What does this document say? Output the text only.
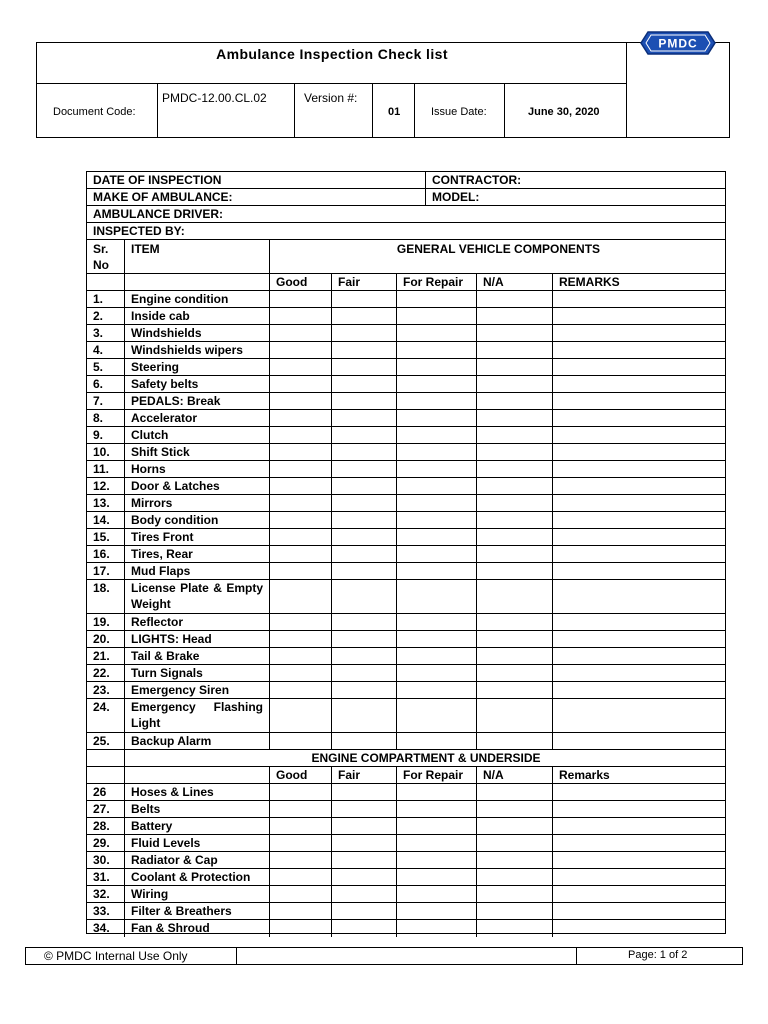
Ambulance Inspection Check list
Document Code:
PMDC-12.00.CL.02	Version #:
01	Issue Date:	June 30, 2020
PMDC
DATE OF INSPECTION	CONTRACTOR:
MAKE OF AMBULANCE:	MODEL:
AMBULANCE DRIVER:
INSPECTED BY:
Sr.
No
ITEM	GENERAL VEHICLE COMPONENTS
Good	Fair	For Repair	N/A	REMARKS
1.	Engine condition
2.	Inside cab
3.	Windshields
4.	Windshields wipers
5.	Steering
6.	Safety belts
7.	PEDALS: Break
8.	Accelerator
9.	Clutch
10.	Shift Stick
11.	Horns
12.	Door & Latches
13.	Mirrors
14.	Body condition
15.	Tires Front
16.	Tires, Rear
17.	Mud Flaps
18.	License Plate & Empty Weight
19.	Reflector
20.	LIGHTS: Head
21.	Tail & Brake
22.	Turn Signals
23.	Emergency Siren
24.	Emergency Flashing Light
25.	Backup Alarm
ENGINE COMPARTMENT & UNDERSIDE
Good	Fair	For Repair	N/A	Remarks
26	Hoses & Lines
27.	Belts
28.	Battery
29.	Fluid Levels
30.	Radiator & Cap
31.	Coolant & Protection
32.	Wiring
33.	Filter & Breathers
34.	Fan & Shroud
© PMDC Internal Use Only	Page: 1 of 2
